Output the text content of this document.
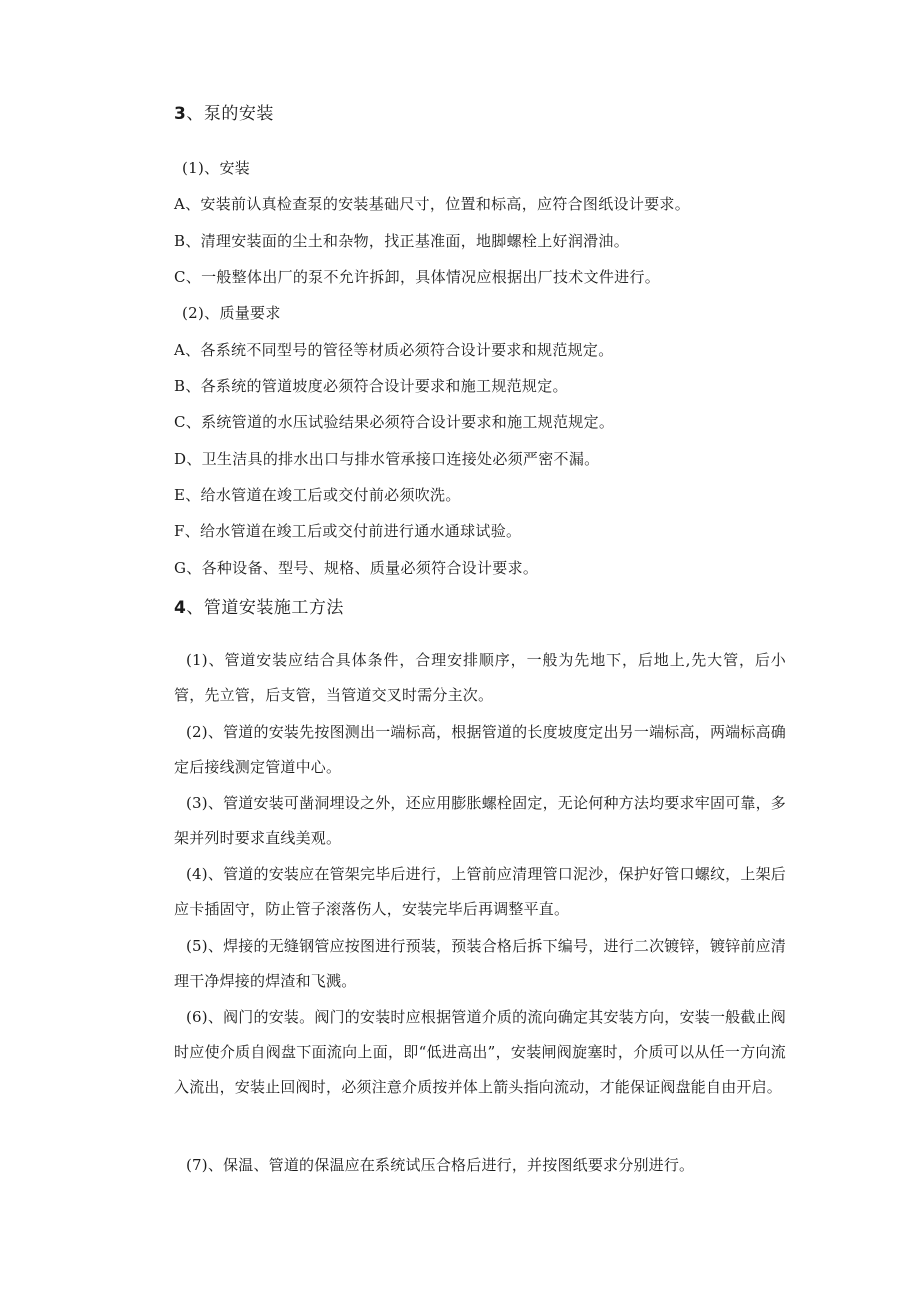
3、泵的安装
(1)、安装
A、安装前认真检查泵的安装基础尺寸，位置和标高，应符合图纸设计要求。
B、清理安装面的尘土和杂物，找正基准面，地脚螺栓上好润滑油。
C、一般整体出厂的泵不允许拆卸，具体情况应根据出厂技术文件进行。
(2)、质量要求
A、各系统不同型号的管径等材质必须符合设计要求和规范规定。
B、各系统的管道坡度必须符合设计要求和施工规范规定。
C、系统管道的水压试验结果必须符合设计要求和施工规范规定。
D、卫生洁具的排水出口与排水管承接口连接处必须严密不漏。
E、给水管道在竣工后或交付前必须吹洗。
F、给水管道在竣工后或交付前进行通水通球试验。
G、各种设备、型号、规格、质量必须符合设计要求。
4、管道安装施工方法
(1)、管道安装应结合具体条件，合理安排顺序，一般为先地下，后地上,先大管，后小管，先立管，后支管，当管道交叉时需分主次。
(2)、管道的安装先按图测出一端标高，根据管道的长度坡度定出另一端标高，两端标高确定后接线测定管道中心。
(3)、管道安装可凿洞埋设之外，还应用膨胀螺栓固定，无论何种方法均要求牢固可靠，多架并列时要求直线美观。
(4)、管道的安装应在管架完毕后进行，上管前应清理管口泥沙，保护好管口螺纹，上架后应卡插固守，防止管子滚落伤人，安装完毕后再调整平直。
(5)、焊接的无缝钢管应按图进行预装，预装合格后拆下编号，进行二次镀锌，镀锌前应清理干净焊接的焊渣和飞溅。
(6)、阀门的安装。阀门的安装时应根据管道介质的流向确定其安装方向，安装一般截止阀时应使介质自阀盘下面流向上面，即“低进高出”，安装闸阀旋塞时，介质可以从任一方向流入流出，安装止回阀时，必须注意介质按并体上箭头指向流动，才能保证阀盘能自由开启。
(7)、保温、管道的保温应在系统试压合格后进行，并按图纸要求分别进行。
